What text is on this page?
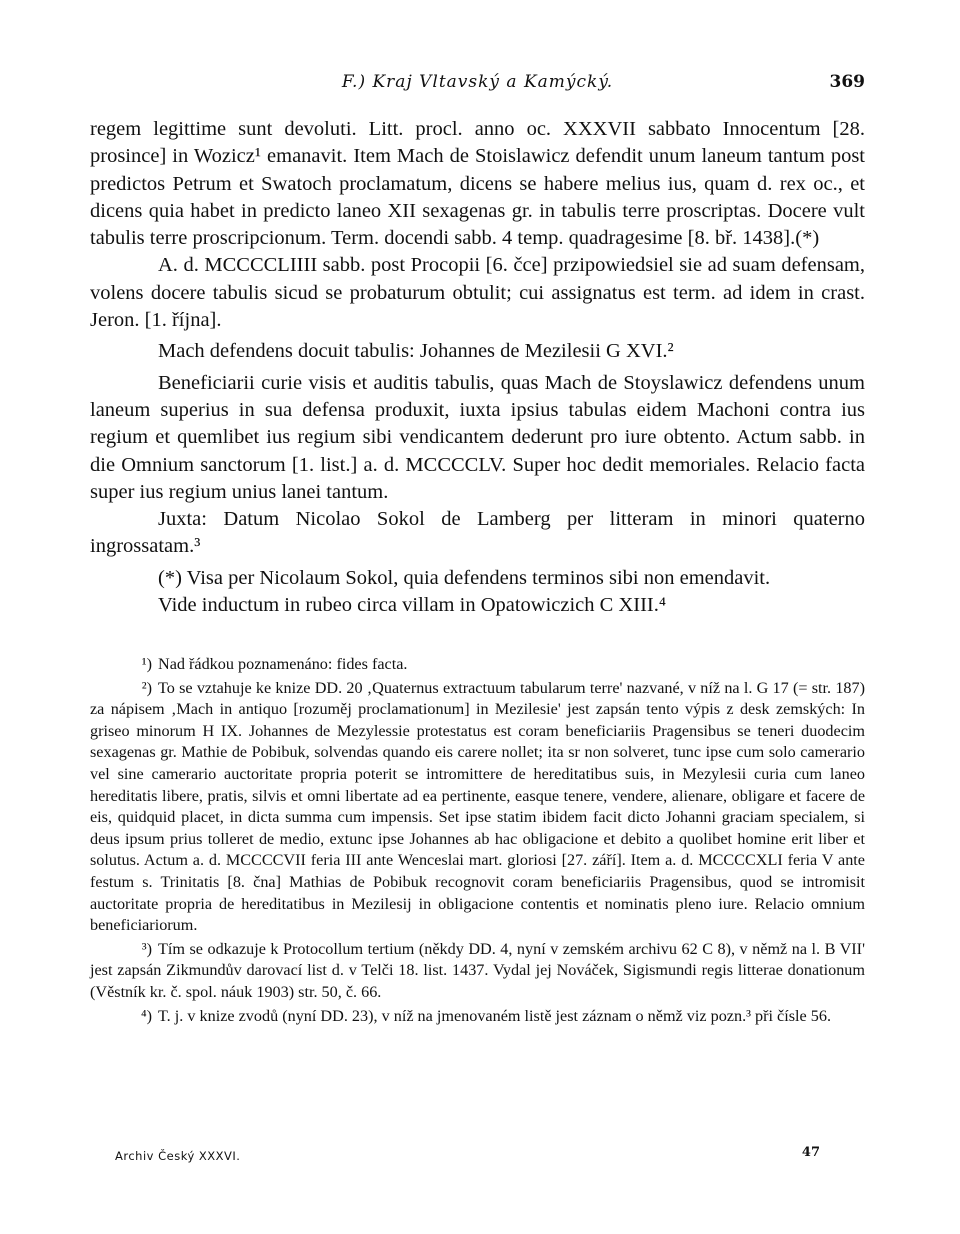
F.) Kraj Vltavský a Kamýcký.	369

regem legittime sunt devoluti. Litt. procl. anno oc. XXXVII sabbato Innocentum [28. prosince] in Wozicz¹ emanavit. Item Mach de Stoislawicz defendit unum laneum tantum post predictos Petrum et Swatoch proclamatum, dicens se habere melius ius, quam d. rex oc., et dicens quia habet in predicto laneo XII sexagenas gr. in tabulis terre proscriptas. Docere vult tabulis terre proscripcionum. Term. docendi sabb. 4 temp. quadragesime [8. bř. 1438].(*)

A. d. MCCCCLIIII sabb. post Procopii [6. čce] przipowiedsiel sie ad suam defensam, volens docere tabulis sicud se probaturum obtulit; cui assignatus est term. ad idem in crast. Jeron. [1. října].

Mach defendens docuit tabulis: Johannes de Mezilesii G XVI.²

Beneficiarii curie visis et auditis tabulis, quas Mach de Stoyslawicz defendens unum laneum superius in sua defensa produxit, iuxta ipsius tabulas eidem Machoni contra ius regium et quemlibet ius regium sibi vendicantem dederunt pro iure obtento. Actum sabb. in die Omnium sanctorum [1. list.] a. d. MCCCCLV. Super hoc dedit memoriales. Relacio facta super ius regium unius lanei tantum.

Juxta: Datum Nicolao Sokol de Lamberg per litteram in minori quaterno ingrossatam.³

(*) Visa per Nicolaum Sokol, quia defendens terminos sibi non emendavit.

Vide inductum in rubeo circa villam in Opatowiczich C XIII.⁴

¹) Nad řádkou poznamenáno: fides facta.

²) To se vztahuje ke knize DD. 20 ‚Quaternus extractuum tabularum terre' nazvané, v níž na l. G 17 (= str. 187) za nápisem ‚Mach in antiquo [rozuměj proclamationum] in Mezilesie' jest zapsán tento výpis z desk zemských: In griseo minorum H IX. Johannes de Mezylessie protestatus est coram beneficiariis Pragensibus se teneri duodecim sexagenas gr. Mathie de Pobibuk, solvendas quando eis carere nollet; ita sr non solveret, tunc ipse cum solo camerario vel sine camerario auctoritate propria poterit se intromittere de hereditatibus suis, in Mezylesii curia cum laneo hereditatis libere, pratis, silvis et omni libertate ad ea pertinente, easque tenere, vendere, alienare, obligare et facere de eis, quidquid placet, in dicta summa cum impensis. Set ipse statim ibidem facit dicto Johanni graciam specialem, si deus ipsum prius tolleret de medio, extunc ipse Johannes ab hac obligacione et debito a quolibet homine erit liber et solutus. Actum a. d. MCCCCVII feria III ante Wenceslai mart. gloriosi [27. září]. Item a. d. MCCCCXLI feria V ante festum s. Trinitatis [8. čna] Mathias de Pobibuk recognovit coram beneficiariis Pragensibus, quod se intromisit auctoritate propria de hereditatibus in Mezilesij in obligacione contentis et nominatis pleno iure. Relacio omnium beneficiariorum.

³) Tím se odkazuje k Protocollum tertium (někdy DD. 4, nyní v zemském archivu 62 C 8), v němž na l. B VII' jest zapsán Zikmundův darovací list d. v Telči 18. list. 1437. Vydal jej Nováček, Sigismundi regis litterae donationum (Věstník kr. č. spol. náuk 1903) str. 50, č. 66.

⁴) T. j. v knize zvodů (nyní DD. 23), v níž na jmenovaném listě jest záznam o němž viz pozn.³ při čísle 56.

Archiv Český XXXVI.	47
